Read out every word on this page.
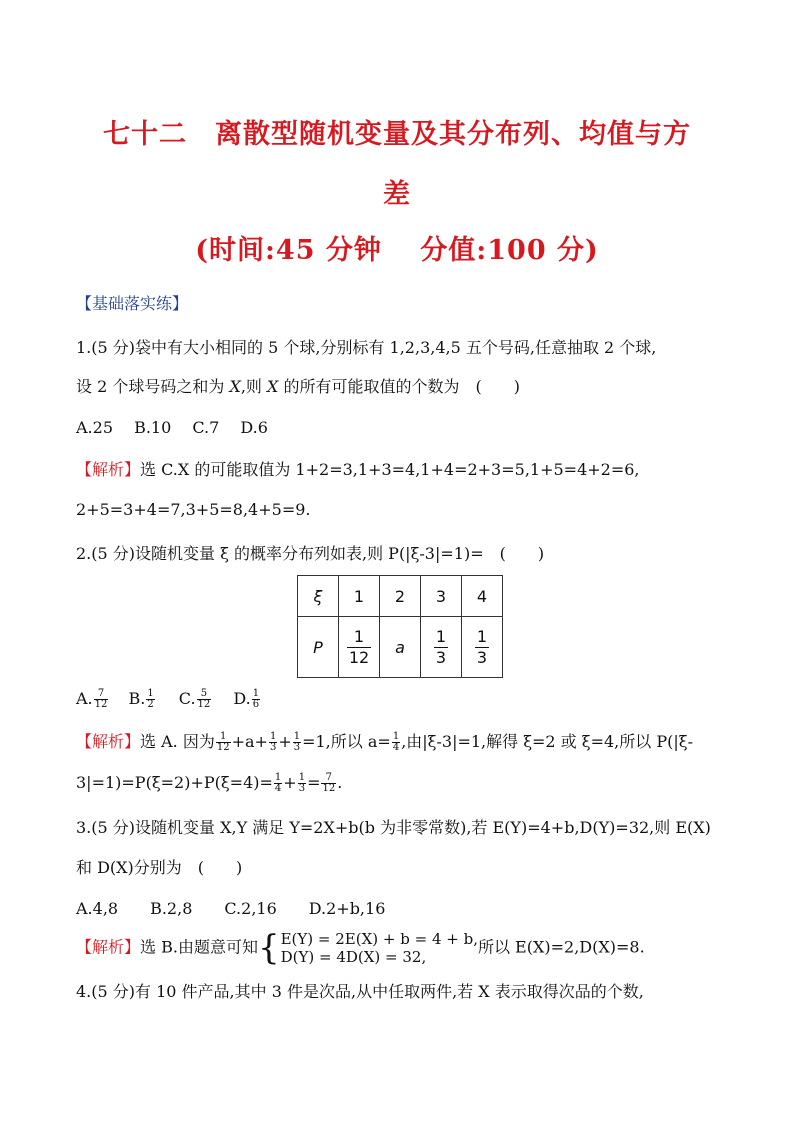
七十二　离散型随机变量及其分布列、均值与方
差
(时间:45 分钟　 分值:100 分)
【基础落实练】
1.(5 分)袋中有大小相同的 5 个球,分别标有 1,2,3,4,5 五个号码,任意抽取 2 个球,
设 2 个球号码之和为 X,则 X 的所有可能取值的个数为　(　　)
A.25　 B.10　 C.7　 D.6
【解析】选 C.X 的可能取值为 1+2=3,1+3=4,1+4=2+3=5,1+5=4+2=6,
2+5=3+4=7,3+5=8,4+5=9.
2.(5 分)设随机变量 ξ 的概率分布列如表,则 P(|ξ-3|=1)=　(　　)
ξ	1	2	3	4
P	$\frac{1}{12}$	a	$\frac{1}{3}$	$\frac{1}{3}$
A. $\frac{7}{12} B$. $\frac{1}{2} C$. $\frac{5}{12} D$. $\frac{1}{6}$
【解析】选 A. 因为 $\frac{1}{12} +a+ \frac{1}{3} + \frac{1}{3} =1$,所以 $a= \frac{1}{4}$ ,由|ξ-3|=1,解得 ξ=2 或 ξ=4,所以 P(|ξ-
$3|=1)=P(\xi=2)+P(\xi=4)= \frac{1}{4} + \frac{1}{3} = \frac{7}{12}$ .
3.(5 分)设随机变量 X,Y 满足 Y=2X+b(b 为非零常数),若 E(Y)=4+b,D(Y)=32,则 E(X)
和 D(X)分别为　(　　)
A.4,8　　B.2,8　　C.2,16　　D.2+b,16
【解析】选 B.由题意可知{ E(Y) = 2E(X) + b = 4 + b,
D(Y) = 4D(X) = 32,
所以 E(X)=2,D(X)=8.
4.(5 分)有 10 件产品,其中 3 件是次品,从中任取两件,若 X 表示取得次品的个数,
